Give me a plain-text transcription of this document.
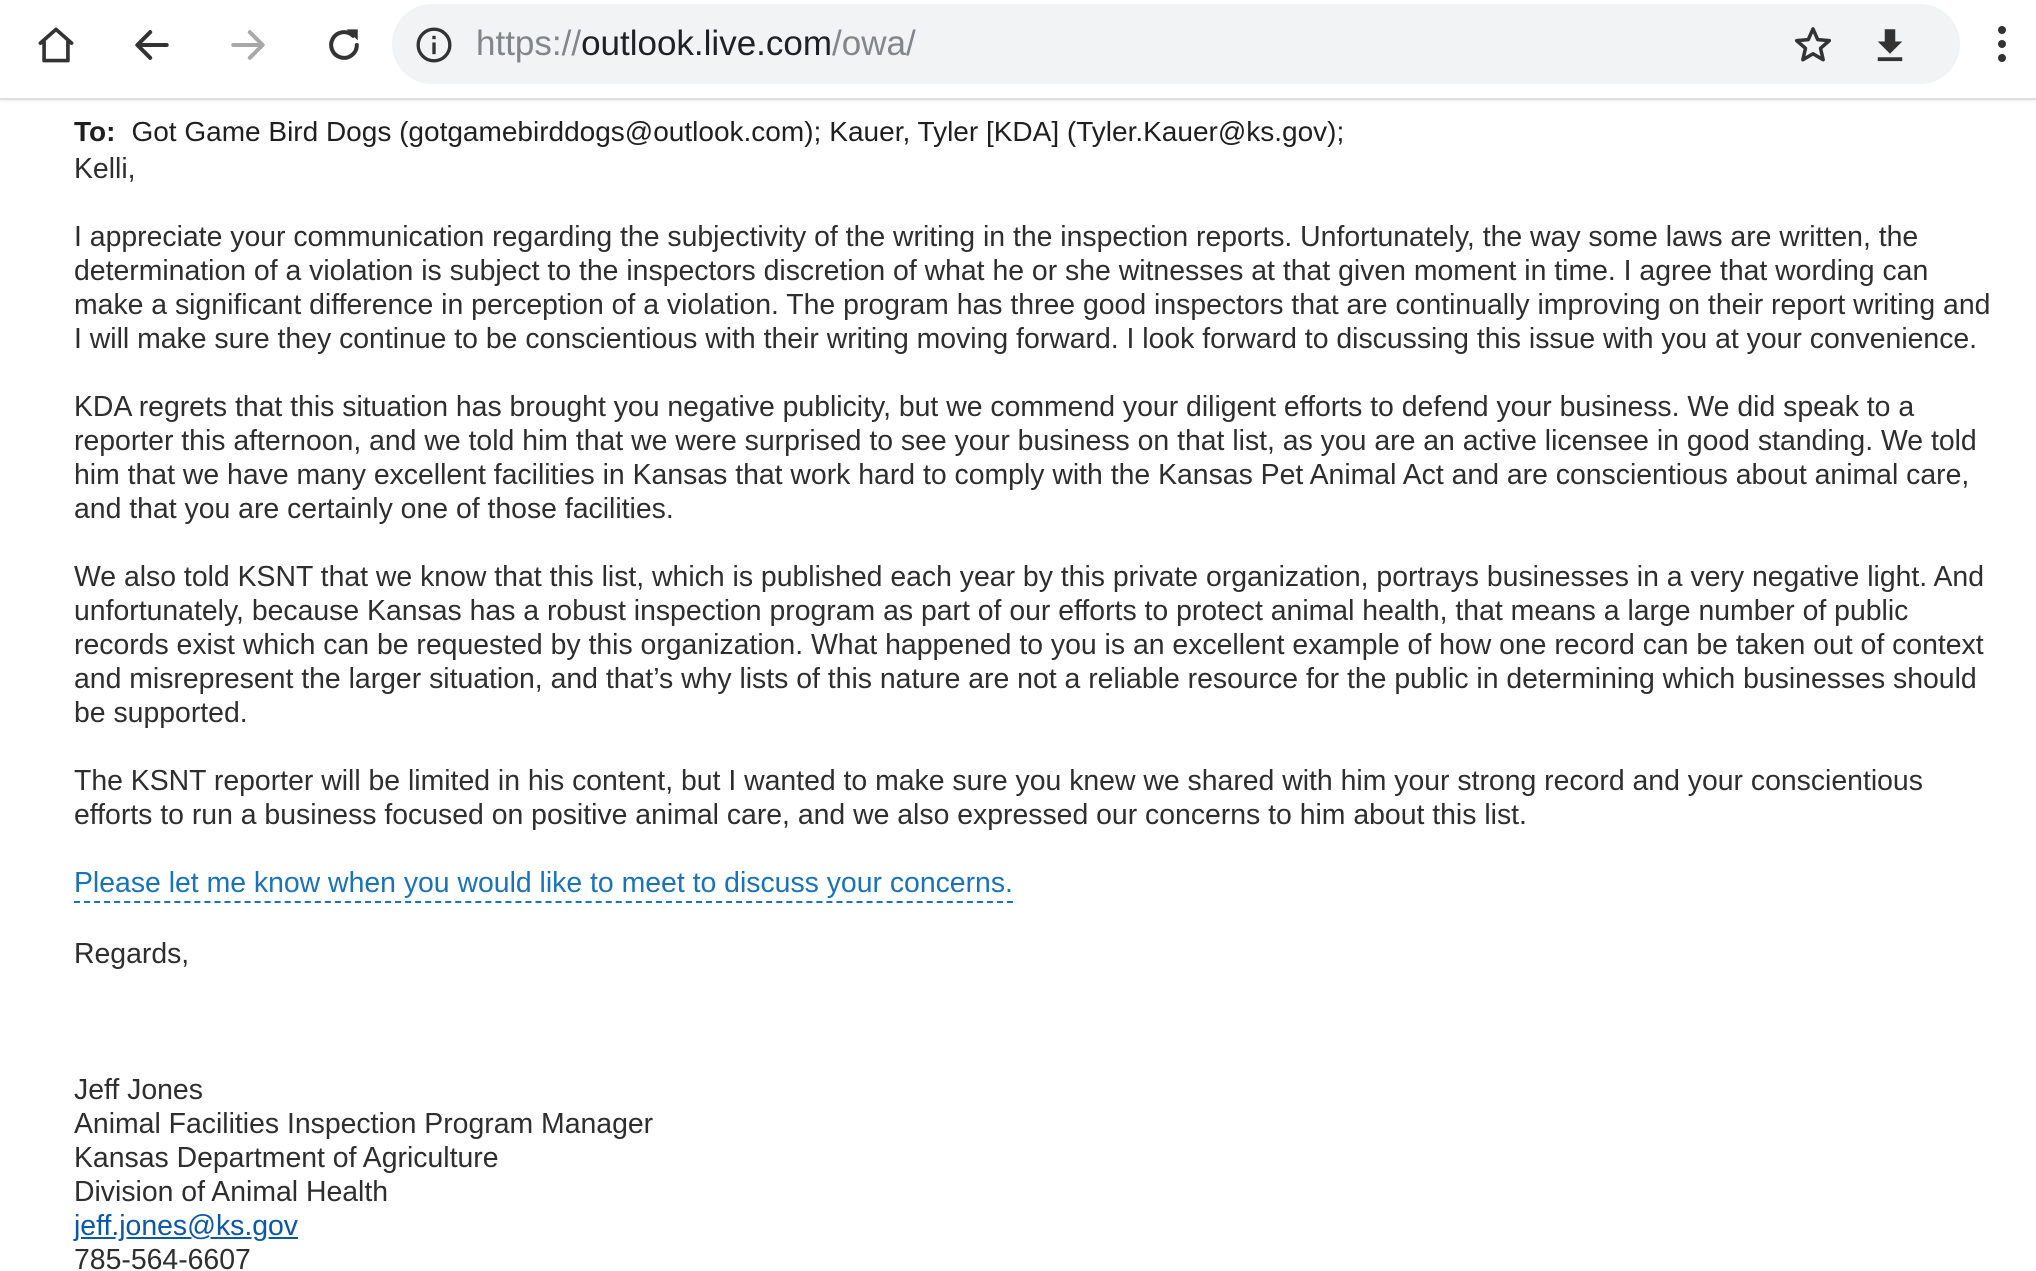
https://outlook.live.com/owa/
To: Got Game Bird Dogs (gotgamebirddogs@outlook.com); Kauer, Tyler [KDA] (Tyler.Kauer@ks.gov);

Kelli,

I appreciate your communication regarding the subjectivity of the writing in the inspection reports. Unfortunately, the way some laws are written, the determination of a violation is subject to the inspectors discretion of what he or she witnesses at that given moment in time. I agree that wording can make a significant difference in perception of a violation. The program has three good inspectors that are continually improving on their report writing and I will make sure they continue to be conscientious with their writing moving forward. I look forward to discussing this issue with you at your convenience.

KDA regrets that this situation has brought you negative publicity, but we commend your diligent efforts to defend your business. We did speak to a reporter this afternoon, and we told him that we were surprised to see your business on that list, as you are an active licensee in good standing. We told him that we have many excellent facilities in Kansas that work hard to comply with the Kansas Pet Animal Act and are conscientious about animal care, and that you are certainly one of those facilities.

We also told KSNT that we know that this list, which is published each year by this private organization, portrays businesses in a very negative light. And unfortunately, because Kansas has a robust inspection program as part of our efforts to protect animal health, that means a large number of public records exist which can be requested by this organization. What happened to you is an excellent example of how one record can be taken out of context and misrepresent the larger situation, and that’s why lists of this nature are not a reliable resource for the public in determining which businesses should be supported.

The KSNT reporter will be limited in his content, but I wanted to make sure you knew we shared with him your strong record and your conscientious efforts to run a business focused on positive animal care, and we also expressed our concerns to him about this list.

Please let me know when you would like to meet to discuss your concerns.

Regards,

Jeff Jones
Animal Facilities Inspection Program Manager
Kansas Department of Agriculture
Division of Animal Health
jeff.jones@ks.gov
785-564-6607
